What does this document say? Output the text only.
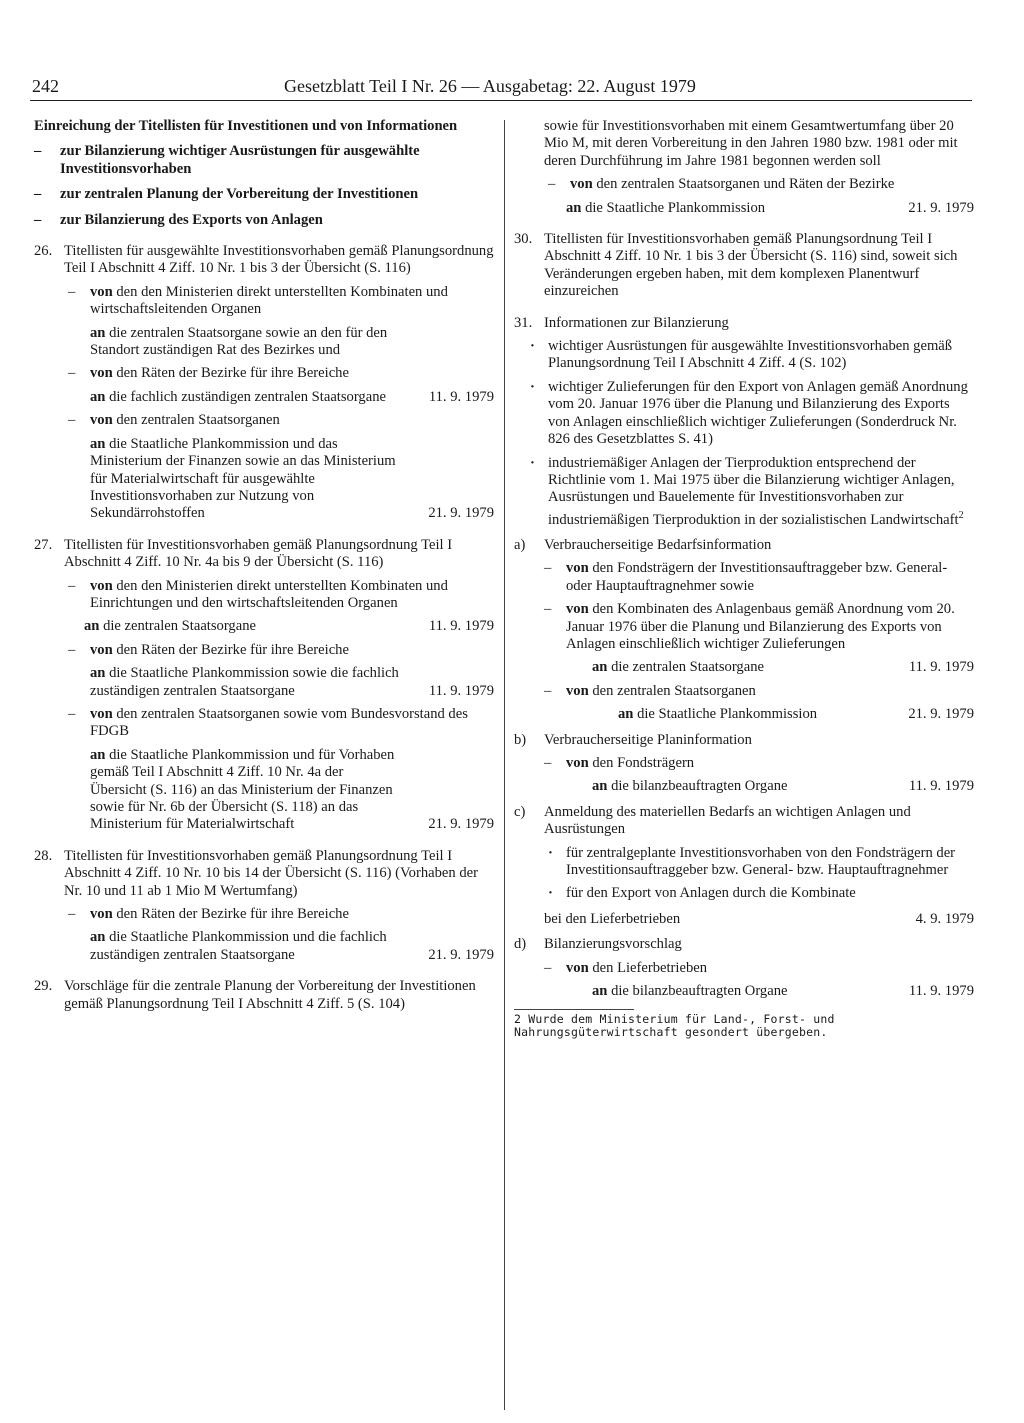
242	Gesetzblatt Teil I Nr. 26 — Ausgabetag: 22. August 1979
Einreichung der Titellisten für Investitionen und von Informationen
– zur Bilanzierung wichtiger Ausrüstungen für ausgewählte Investitionsvorhaben
– zur zentralen Planung der Vorbereitung der Investitionen
– zur Bilanzierung des Exports von Anlagen
26. Titellisten für ausgewählte Investitionsvorhaben gemäß Planungsordnung Teil I Abschnitt 4 Ziff. 10 Nr. 1 bis 3 der Übersicht (S. 116)
– von den den Ministerien direkt unterstellten Kombinaten und wirtschaftsleitenden Organen
an die zentralen Staatsorgane sowie an den für den Standort zuständigen Rat des Bezirkes und
– von den Räten der Bezirke für ihre Bereiche
an die fachlich zuständigen zentralen Staatsorgane	11. 9. 1979
– von den zentralen Staatsorganen
an die Staatliche Plankommission und das Ministerium der Finanzen sowie an das Ministerium für Materialwirtschaft für ausgewählte Investitionsvorhaben zur Nutzung von Sekundärrohstoffen	21. 9. 1979
27. Titellisten für Investitionsvorhaben gemäß Planungsordnung Teil I Abschnitt 4 Ziff. 10 Nr. 4a bis 9 der Übersicht (S. 116)
– von den den Ministerien direkt unterstellten Kombinaten und Einrichtungen und den wirtschaftsleitenden Organen
an die zentralen Staatsorgane	11. 9. 1979
– von den Räten der Bezirke für ihre Bereiche
an die Staatliche Plankommission sowie die fachlich zuständigen zentralen Staatsorgane	11. 9. 1979
– von den zentralen Staatsorganen sowie vom Bundesvorstand des FDGB
an die Staatliche Plankommission und für Vorhaben gemäß Teil I Abschnitt 4 Ziff. 10 Nr. 4a der Übersicht (S. 116) an das Ministerium der Finanzen sowie für Nr. 6b der Übersicht (S. 118) an das Ministerium für Materialwirtschaft	21. 9. 1979
28. Titellisten für Investitionsvorhaben gemäß Planungsordnung Teil I Abschnitt 4 Ziff. 10 Nr. 10 bis 14 der Übersicht (S. 116) (Vorhaben der Nr. 10 und 11 ab 1 Mio M Wertumfang)
– von den Räten der Bezirke für ihre Bereiche
an die Staatliche Plankommission und die fachlich zuständigen zentralen Staatsorgane	21. 9. 1979
29. Vorschläge für die zentrale Planung der Vorbereitung der Investitionen gemäß Planungsordnung Teil I Abschnitt 4 Ziff. 5 (S. 104)
sowie für Investitionsvorhaben mit einem Gesamtwertumfang über 20 Mio M, mit deren Vorbereitung in den Jahren 1980 bzw. 1981 oder mit deren Durchführung im Jahre 1981 begonnen werden soll
– von den zentralen Staatsorganen und Räten der Bezirke
an die Staatliche Plankommission	21. 9. 1979
30. Titellisten für Investitionsvorhaben gemäß Planungsordnung Teil I Abschnitt 4 Ziff. 10 Nr. 1 bis 3 der Übersicht (S. 116) sind, soweit sich Veränderungen ergeben haben, mit dem komplexen Planentwurf einzureichen
31. Informationen zur Bilanzierung
· wichtiger Ausrüstungen für ausgewählte Investitionsvorhaben gemäß Planungsordnung Teil I Abschnitt 4 Ziff. 4 (S. 102)
· wichtiger Zulieferungen für den Export von Anlagen gemäß Anordnung vom 20. Januar 1976 über die Planung und Bilanzierung des Exports von Anlagen einschließlich wichtiger Zulieferungen (Sonderdruck Nr. 826 des Gesetzblattes S. 41)
· industriemäßiger Anlagen der Tierproduktion entsprechend der Richtlinie vom 1. Mai 1975 über die Bilanzierung wichtiger Anlagen, Ausrüstungen und Bauelemente für Investitionsvorhaben zur industriemäßigen Tierproduktion in der sozialistischen Landwirtschaft$^2$
a) Verbraucherseitige Bedarfsinformation
– von den Fondsträgern der Investitionsauftraggeber bzw. General- oder Hauptauftragnehmer sowie
– von den Kombinaten des Anlagenbaus gemäß Anordnung vom 20. Januar 1976 über die Planung und Bilanzierung des Exports von Anlagen einschließlich wichtiger Zulieferungen
an die zentralen Staatsorgane	11. 9. 1979
– von den zentralen Staatsorganen
an die Staatliche Plankommission	21. 9. 1979
b) Verbraucherseitige Planinformation
– von den Fondsträgern
an die bilanzbeauftragten Organe	11. 9. 1979
c) Anmeldung des materiellen Bedarfs an wichtigen Anlagen und Ausrüstungen
· für zentralgeplante Investitionsvorhaben von den Fondsträgern der Investitionsauftraggeber bzw. General- bzw. Hauptauftragnehmer
· für den Export von Anlagen durch die Kombinate
bei den Lieferbetrieben	4. 9. 1979
d) Bilanzierungsvorschlag
– von den Lieferbetrieben
an die bilanzbeauftragten Organe	11. 9. 1979
2 Wurde dem Ministerium für Land-, Forst- und Nahrungsgüterwirtschaft gesondert übergeben.
